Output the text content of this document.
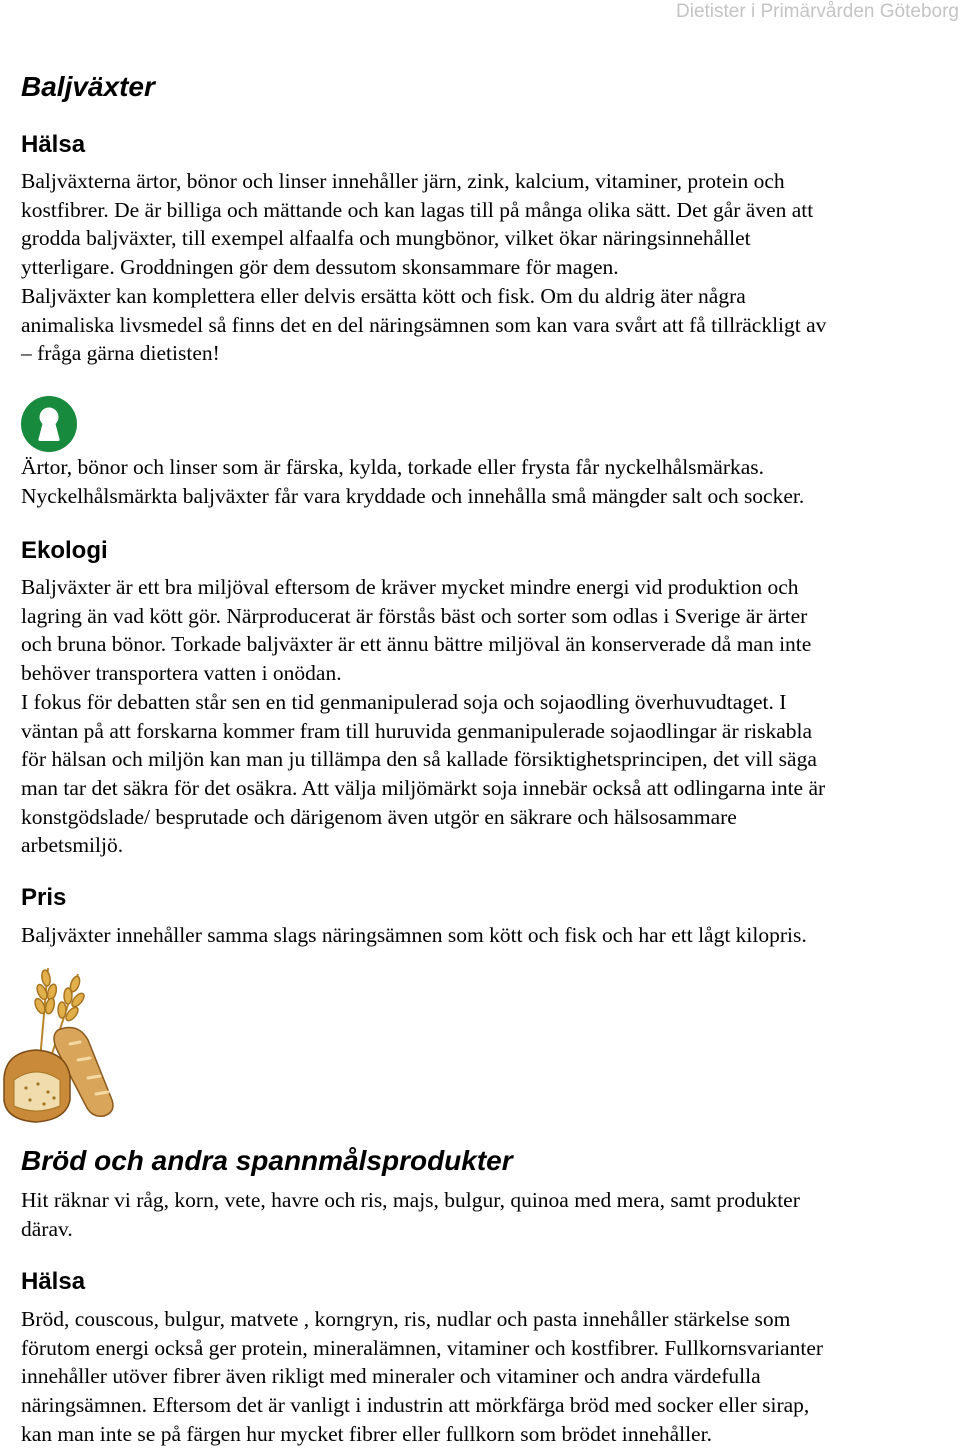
Dietister i Primärvården Göteborg
Baljväxter
Hälsa

Baljväxterna ärtor, bönor och linser innehåller järn, zink, kalcium, vitaminer, protein och
kostfibrer. De är billiga och mättande och kan lagas till på många olika sätt. Det går även att
grodda baljväxter, till exempel alfaalfa och mungbönor, vilket ökar näringsinnehållet
ytterligare. Groddningen gör dem dessutom skonsammare för magen.
Baljväxter kan komplettera eller delvis ersätta kött och fisk. Om du aldrig äter några
animaliska livsmedel så finns det en del näringsämnen som kan vara svårt att få tillräckligt av
– fråga gärna dietisten!

Ärtor, bönor och linser som är färska, kylda, torkade eller frysta får nyckelhålsmärkas.
Nyckelhålsmärkta baljväxter får vara kryddade och innehålla små mängder salt och socker.

Ekologi

Baljväxter är ett bra miljöval eftersom de kräver mycket mindre energi vid produktion och
lagring än vad kött gör. Närproducerat är förstås bäst och sorter som odlas i Sverige är ärter
och bruna bönor. Torkade baljväxter är ett ännu bättre miljöval än konserverade då man inte
behöver transportera vatten i onödan.
I fokus för debatten står sen en tid genmanipulerad soja och sojaodling överhuvudtaget. I
väntan på att forskarna kommer fram till huruvida genmanipulerade sojaodlingar är riskabla
för hälsan och miljön kan man ju tillämpa den så kallade försiktighetsprincipen, det vill säga
man tar det säkra för det osäkra. Att välja miljömärkt soja innebär också att odlingarna inte är
konstgödslade/ besprutade och därigenom även utgör en säkrare och hälsosammare
arbetsmiljö.

Pris

Baljväxter innehåller samma slags näringsämnen som kött och fisk och har ett lågt kilopris.

Bröd och andra spannmålsprodukter

Hit räknar vi råg, korn, vete, havre och ris, majs, bulgur, quinoa med mera, samt produkter
därav.

Hälsa

Bröd, couscous, bulgur, matvete , korngryn, ris, nudlar och pasta innehåller stärkelse som
förutom energi också ger protein, mineralämnen, vitaminer och kostfibrer. Fullkornsvarianter
innehåller utöver fibrer även rikligt med mineraler och vitaminer och andra värdefulla
näringsämnen. Eftersom det är vanligt i industrin att mörkfärga bröd med socker eller sirap,
kan man inte se på färgen hur mycket fibrer eller fullkorn som brödet innehåller.
